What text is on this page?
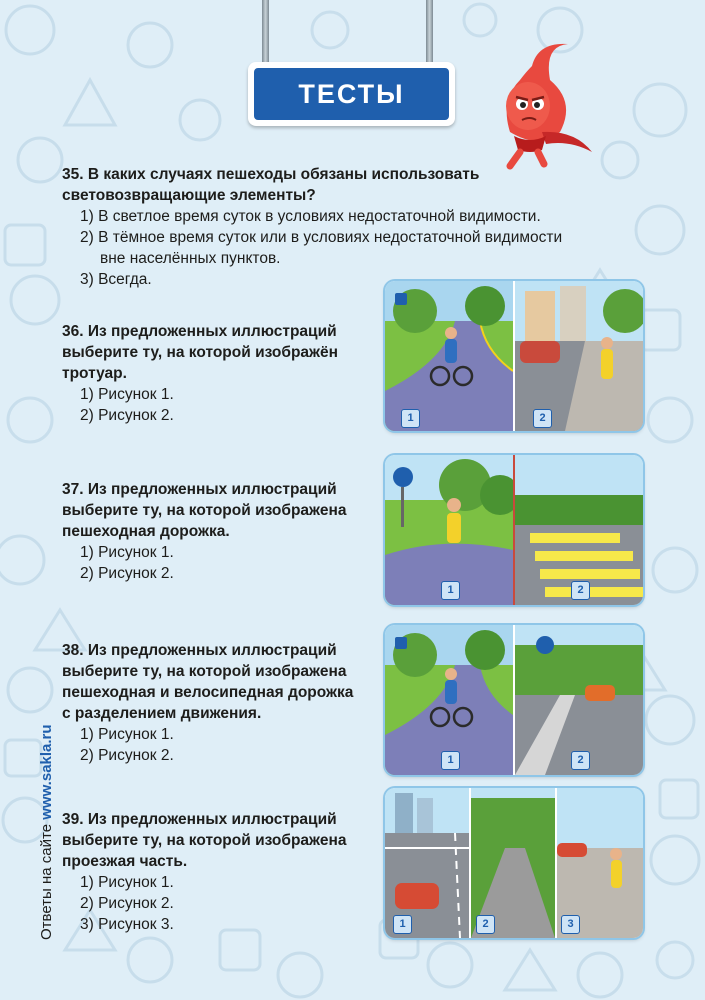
ТЕСТЫ
35. В каких случаях пешеходы обязаны использовать
световозвращающие элементы?
1) В светлое время суток в условиях недостаточной видимости.
2) В тёмное время суток или в условиях недостаточной видимости
вне населённых пунктов.
3) Всегда.
36. Из предложенных иллюстраций
выберите ту, на которой изображён
тротуар.
1) Рисунок 1.
2) Рисунок 2.	1	2
37. Из предложенных иллюстраций
выберите ту, на которой изображена
пешеходная дорожка.
1) Рисунок 1.
2) Рисунок 2.
1	2
38. Из предложенных иллюстраций
выберите ту, на которой изображена
пешеходная и велосипедная дорожка
с разделением движения.
1) Рисунок 1.
2) Рисунок 2.	1	2
39. Из предложенных иллюстраций
выберите ту, на которой изображена
проезжая часть.
1) Рисунок 1.
2) Рисунок 2.
3) Рисунок 3.	1	2	3
Ответы на сайте www.sakla.ru
